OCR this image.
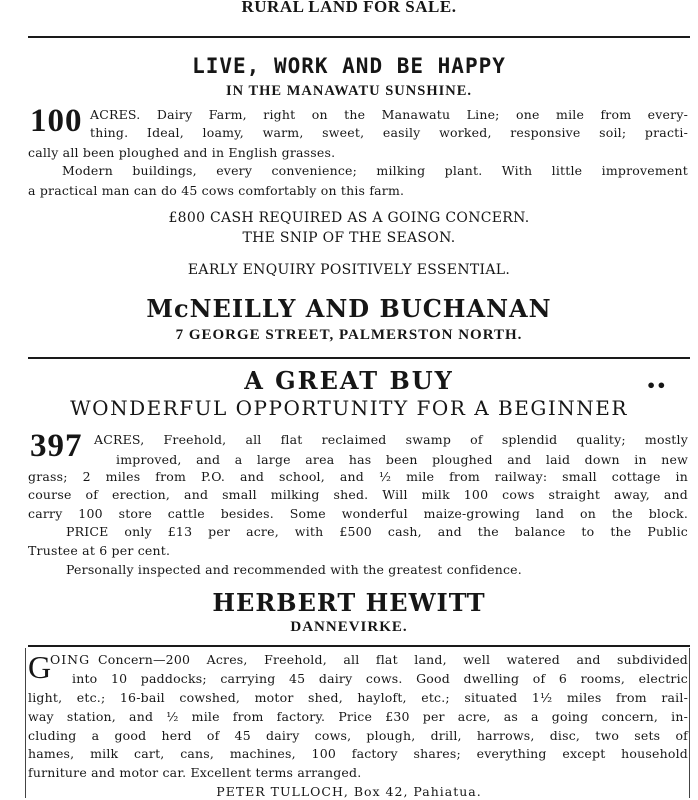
RURAL LAND FOR SALE.
LIVE, WORK AND BE HAPPY
IN THE MANAWATU SUNSHINE.
100 ACRES. Dairy Farm, right on the Manawatu Line; one mile from every-
thing. Ideal, loamy, warm, sweet, easily worked, responsive soil; practi-
cally all been ploughed and in English grasses.
Modern buildings, every convenience; milking plant. With little improvement
a practical man can do 45 cows comfortably on this farm.
£800 CASH REQUIRED AS A GOING CONCERN.
THE SNIP OF THE SEASON.
EARLY ENQUIRY POSITIVELY ESSENTIAL.
McNEILLY AND BUCHANAN
7 GEORGE STREET, PALMERSTON NORTH.
A GREAT BUY	••
WONDERFUL OPPORTUNITY FOR A BEGINNER
397 ACRES, Freehold, all flat reclaimed swamp of splendid quality; mostly
improved, and a large area has been ploughed and laid down in new
grass; 2 miles from P.O. and school, and ½ mile from railway: small cottage in
course of erection, and small milking shed. Will milk 100 cows straight away, and
carry 100 store cattle besides. Some wonderful maize-growing land on the block.
PRICE only £13 per acre, with £500 cash, and the balance to the Public
Trustee at 6 per cent.
Personally inspected and recommended with the greatest confidence.
HERBERT HEWITT
DANNEVIRKE.
G
OING Concern—200 Acres, Freehold, all flat land, well watered and subdivided
into 10 paddocks; carrying 45 dairy cows. Good dwelling of 6 rooms, electric
light, etc.; 16-bail cowshed, motor shed, hayloft, etc.; situated 1½ miles from rail-
way station, and ½ mile from factory. Price £30 per acre, as a going concern, in-
cluding a good herd of 45 dairy cows, plough, drill, harrows, disc, two sets of
hames, milk cart, cans, machines, 100 factory shares; everything except household
furniture and motor car. Excellent terms arranged.
PETER TULLOCH, Box 42, Pahiatua.
